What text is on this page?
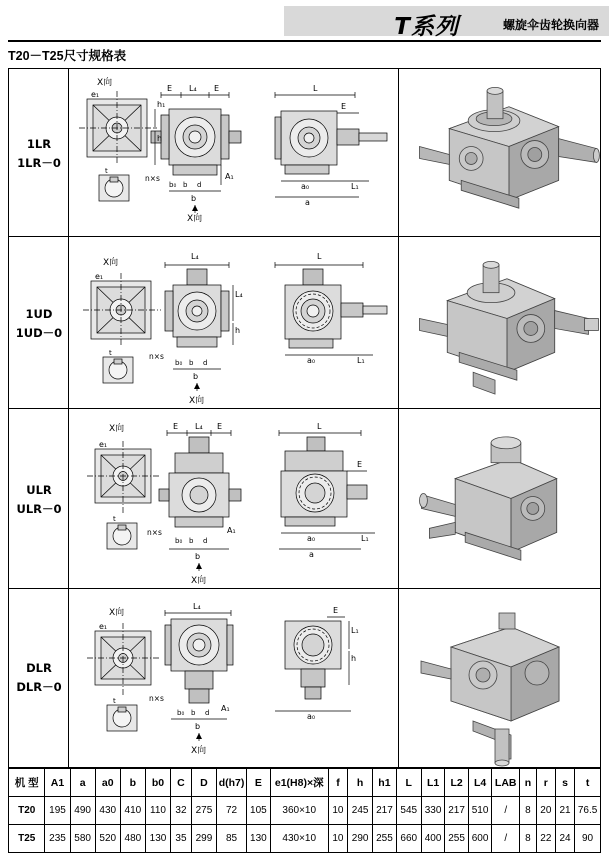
T系列	螺旋伞齿轮换向器
T20－T25尺寸规格表
1LR
1LR－0
X向
e₁
t
E L₄ E
h₁
h
b₀ b d
A₁
n×s
b
X向
L
E
a₀	L₁
a
1UD
1UD－0
X向
e₁
t
L₄
L₄
h
n×s
b₀ b d
b
X向
L
a₀	L₁
ULR
ULR－0
X向
e₁
t
E L₄ E
n×s
b₀ b d
A₁
b
X向
L
E
a₀	L₁
a
DLR
DLR－0
X向
e₁
t
L₄
n×s
b₀ b d A₁
b
X向
L₁
h
E
a₀
机 型	A1	a	a0	b	b0	C	D	d(h7)	E	e1(H8)×深	f	h	h1	L	L1	L2	L4	LAB	n	r	s	t
T20	195	490	430	410	110	32	275	72	105	360×10	10	245	217	545	330	217	510	/	8	20	21	76.5
T25	235	580	520	480	130	35	299	85	130	430×10	10	290	255	660	400	255	600	/	8	22	24	90
